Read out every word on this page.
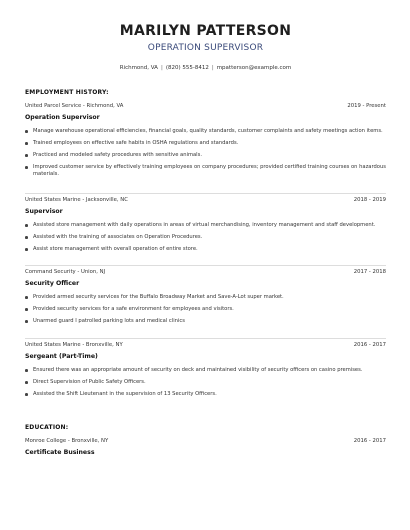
MARILYN PATTERSON
OPERATION SUPERVISOR
Richmond, VA | (820) 555-8412 | mpatterson@example.com
EMPLOYMENT HISTORY:
United Parcel Service - Richmond, VA	2019 - Present
Operation Supervisor
Manage warehouse operational efficiencies, financial goals, quality standards, customer complaints and safety meetings action items.
Trained employees on effective safe habits in OSHA regulations and standards.
Practiced and modeled safety procedures with sensitive animals.
Improved customer service by effectively training employees on company procedures; provided certified training courses on hazardous materials.
United States Marine - Jacksonville, NC	2018 - 2019
Supervisor
Assisted store management with daily operations in areas of virtual merchandising, inventory management and staff development.
Assisted with the training of associates on Operation Procedures.
Assist store management with overall operation of entire store.
Command Security - Union, NJ	2017 - 2018
Security Officer
Provided armed security services for the Buffalo Broadway Market and Save-A-Lot super market.
Provided security services for a safe environment for employees and visitors.
Unarmed guard I patrolled parking lots and medical clinics
United States Marine - Bronxville, NY	2016 - 2017
Sergeant (Part-Time)
Ensured there was an appropriate amount of security on deck and maintained visibility of security officers on casino premises.
Direct Supervision of Public Safety Officers.
Assisted the Shift Lieutenant in the supervision of 13 Security Officers.
EDUCATION:
Monroe College - Bronxville, NY	2016 - 2017
Certificate Business
